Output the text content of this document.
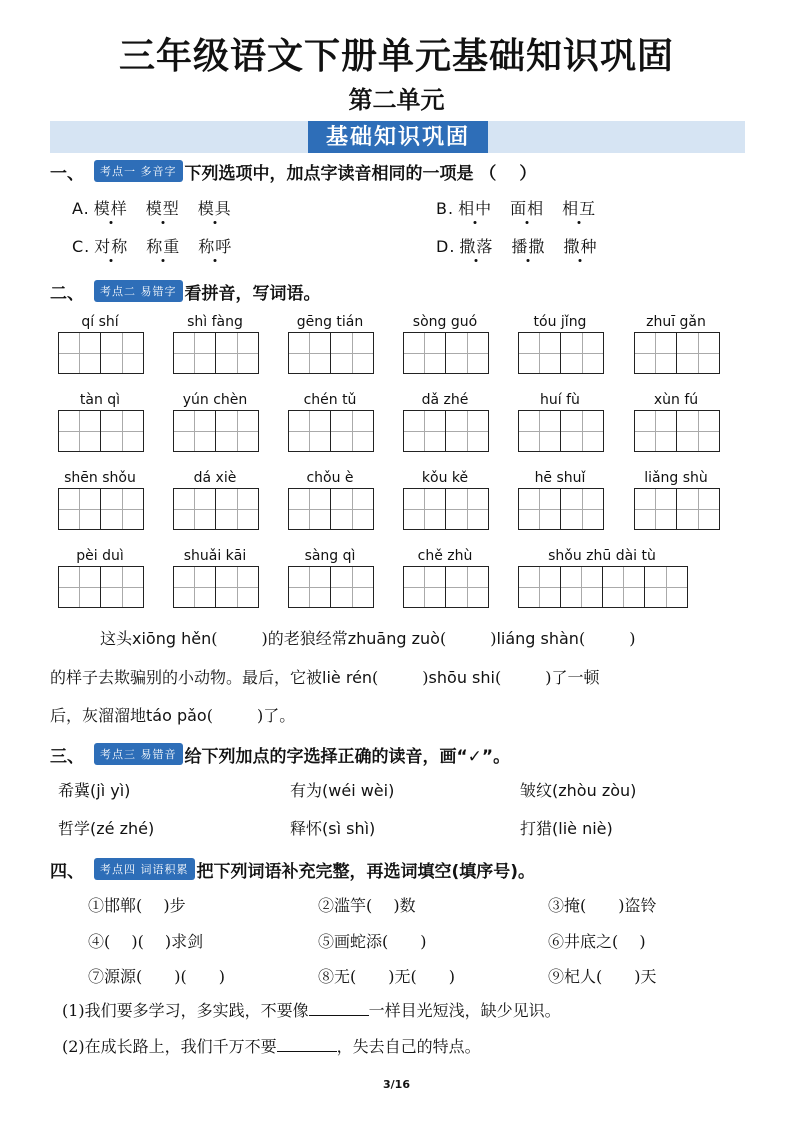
三年级语文下册单元基础知识巩固
第二单元
基础知识巩固
一、	考点一 多音字 下列选项中，加点字读音相同的一项是 （　 ）
A. 模样 模型 模具	B. 相中 面相 相互
C. 对称 称重 称呼	D. 撒落 播撒 撒种
二、	考点二 易错字 看拼音，写词语。
qí shí	shì fàng	gēng tián	sòng guó	tóu jǐng	zhuī gǎn
tàn qì	yún chèn	chén tǔ	dǎ zhé	huí fù	xùn fú
shēn shǒu	dá xiè	chǒu è	kǒu kě	hē shuǐ	liǎng shù
pèi duì	shuǎi kāi	sàng qì	chě zhù	shǒu zhū dài tù
这头xiōng hěn(	)的老狼经常zhuāng zuò(	)liáng shàn(	)
的样子去欺骗别的小动物。最后，它被liè rén(	)shōu shi(	)了一顿
后，灰溜溜地táo pǎo(	)了。
三、	考点三 易错音 给下列加点的字选择正确的读音，画“✓”。
希冀(jì yì)	有为(wéi wèi)	皱纹(zhòu zòu)
哲学(zé zhé)	释怀(sì shì)	打猎(liè niè)
四、	考点四 词语积累 把下列词语补充完整，再选词填空(填序号)。
①邯郸(　 )步	②滥竽(　 )数	③掩(　　)盗铃
④(　 )(　 )求剑	⑤画蛇添(　　)	⑥井底之(　 )
⑦源源(　　)(　　)	⑧无(　　)无(　　)	⑨杞人(　　)天
(1)我们要多学习，多实践，不要像	一样目光短浅，缺少见识。
(2)在成长路上，我们千万不要	，失去自己的特点。
3/16
